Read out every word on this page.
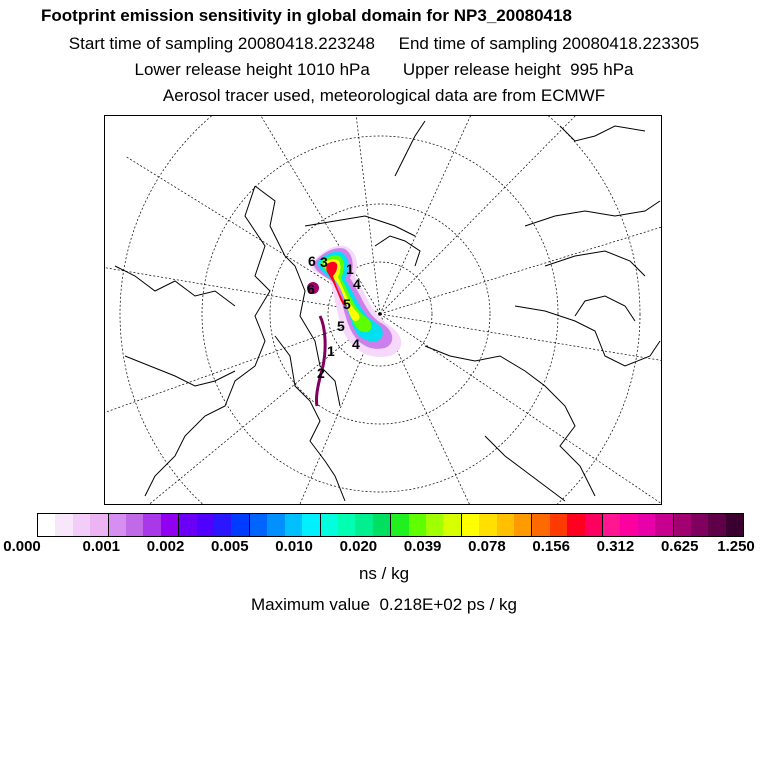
Footprint emission sensitivity in global domain for NP3_20080418
Start time of sampling 20080418.223248     End time of sampling 20080418.223305
Lower release height 1010 hPa       Upper release height  995 hPa
Aerosol tracer used, meteorological data are from ECMWF
6 3 1
4
5
6
5
1
2
4
0.000	0.001 0.002 0.005 0.010 0.020 0.039 0.078 0.156 0.312 0.625 1.250
ns / kg
Maximum value  0.218E+02 ps / kg
